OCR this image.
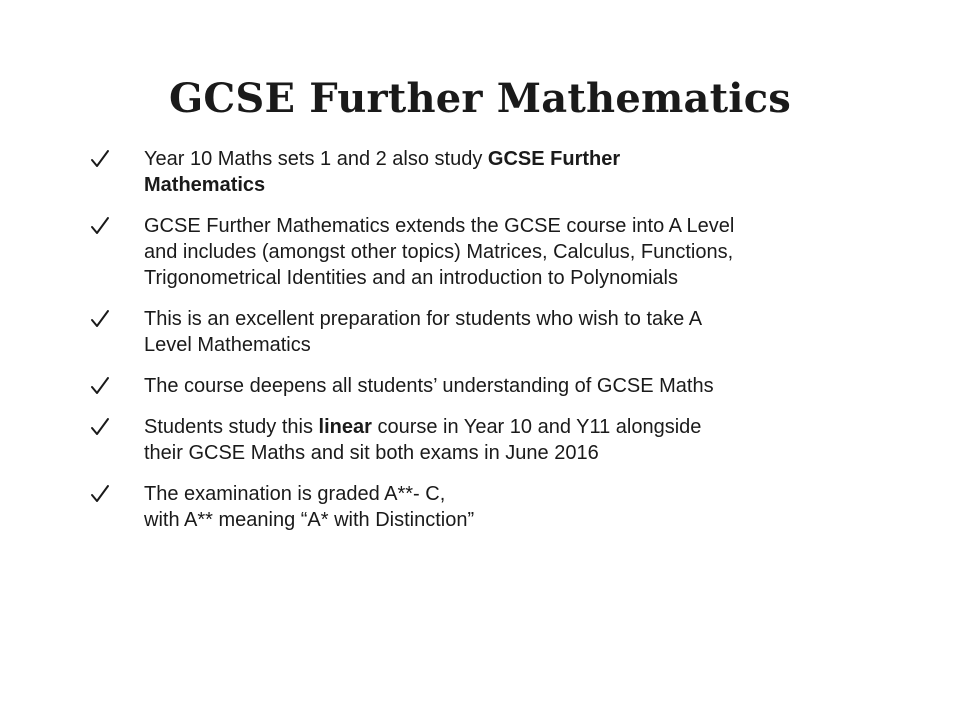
GCSE Further Mathematics
Year 10 Maths sets 1 and 2 also study GCSE Further
Mathematics
GCSE Further Mathematics extends the GCSE course into A Level
and includes (amongst other topics) Matrices, Calculus, Functions,
Trigonometrical Identities and an introduction to Polynomials
This is an excellent preparation for students who wish to take A
Level Mathematics
The course deepens all students’ understanding of GCSE Maths
Students study this linear course in Year 10 and Y11 alongside
their GCSE Maths and sit both exams in June 2016
The examination is graded A**- C,
with A** meaning “A* with Distinction”
